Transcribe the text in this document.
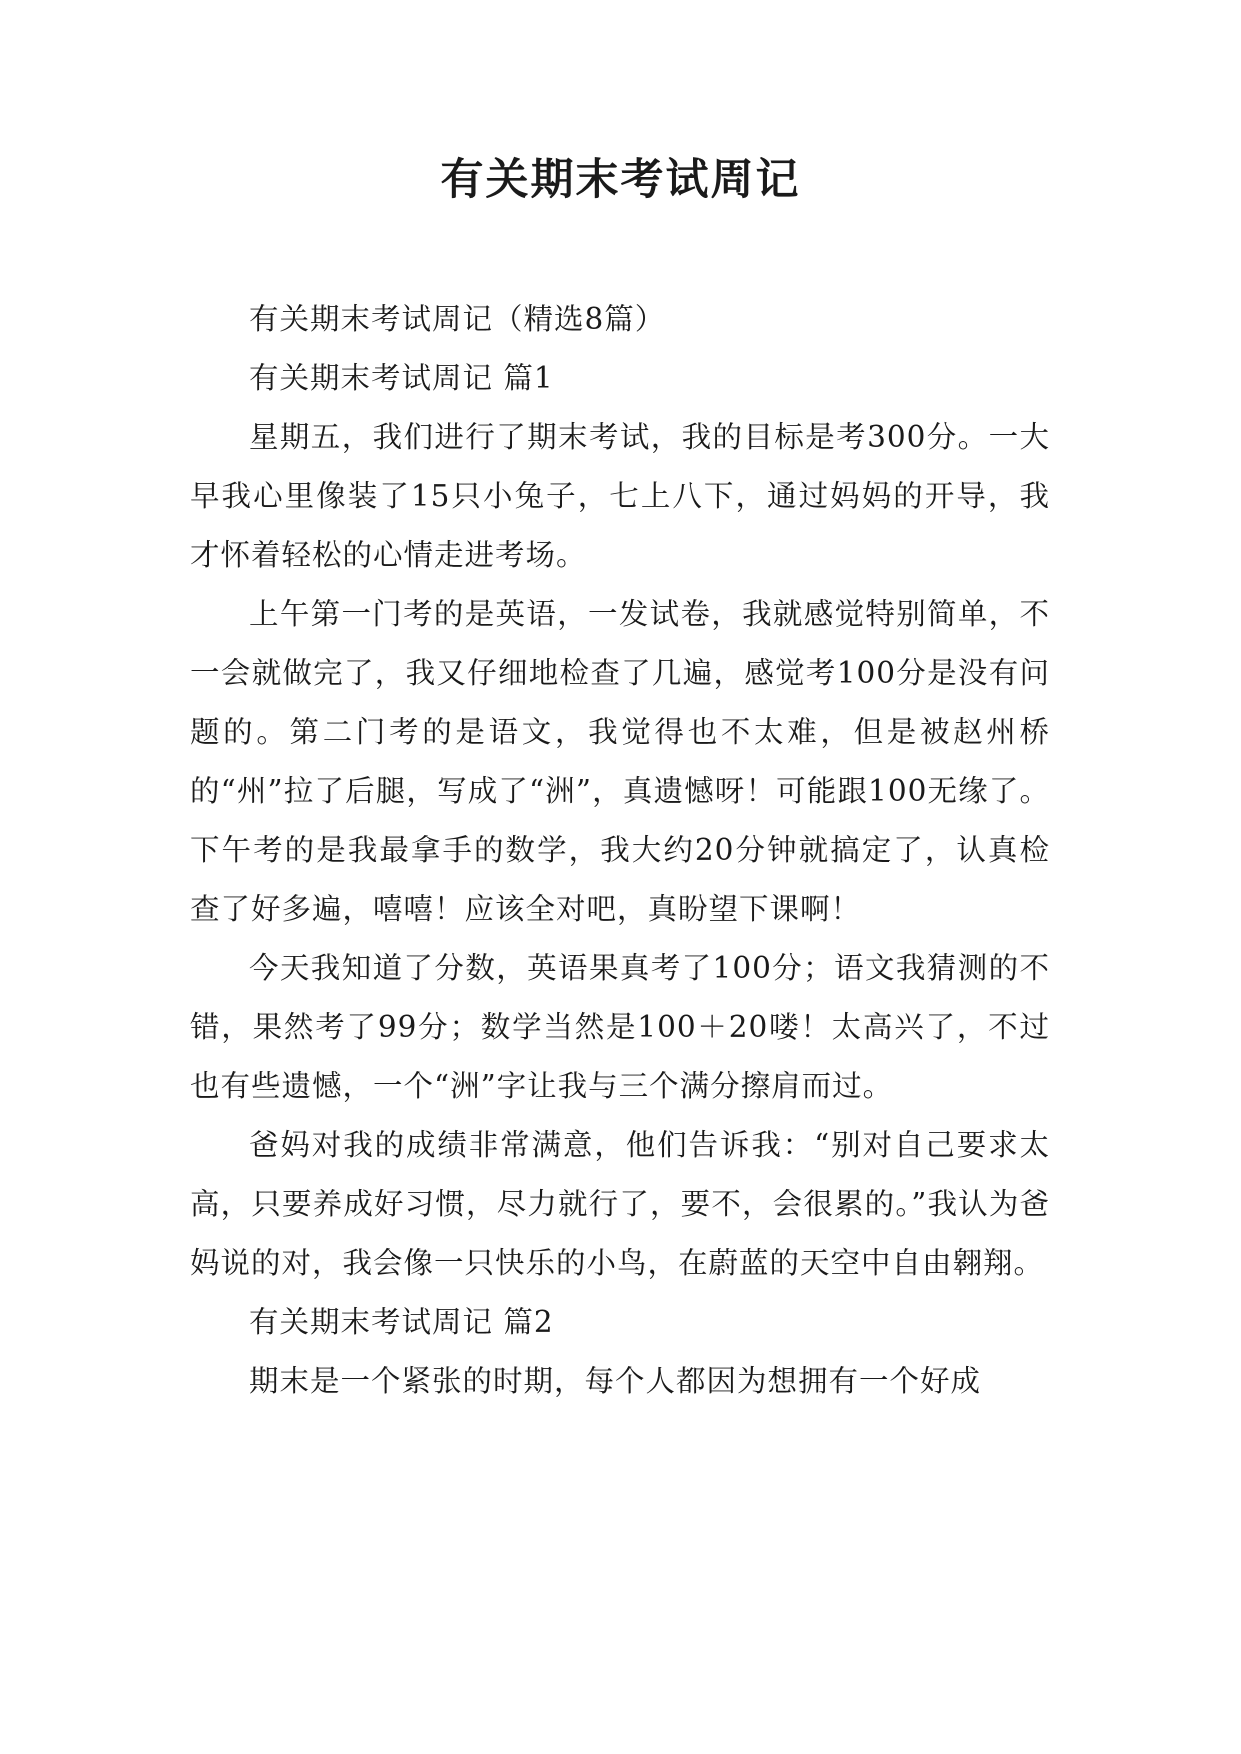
有关期末考试周记

有关期末考试周记（精选8篇）

有关期末考试周记 篇1

星期五，我们进行了期末考试，我的目标是考300分。一大早我心里像装了15只小兔子，七上八下，通过妈妈的开导，我才怀着轻松的心情走进考场。

上午第一门考的是英语，一发试卷，我就感觉特别简单，不一会就做完了，我又仔细地检查了几遍，感觉考100分是没有问题的。第二门考的是语文，我觉得也不太难，但是被赵州桥的“州”拉了后腿，写成了“洲”，真遗憾呀！可能跟100无缘了。下午考的是我最拿手的数学，我大约20分钟就搞定了，认真检查了好多遍，嘻嘻！应该全对吧，真盼望下课啊！

今天我知道了分数，英语果真考了100分；语文我猜测的不错，果然考了99分；数学当然是100＋20喽！太高兴了，不过也有些遗憾，一个“洲”字让我与三个满分擦肩而过。

爸妈对我的成绩非常满意，他们告诉我：“别对自己要求太高，只要养成好习惯，尽力就行了，要不，会很累的。”我认为爸妈说的对，我会像一只快乐的小鸟，在蔚蓝的天空中自由翱翔。

有关期末考试周记 篇2

期末是一个紧张的时期，每个人都因为想拥有一个好成
